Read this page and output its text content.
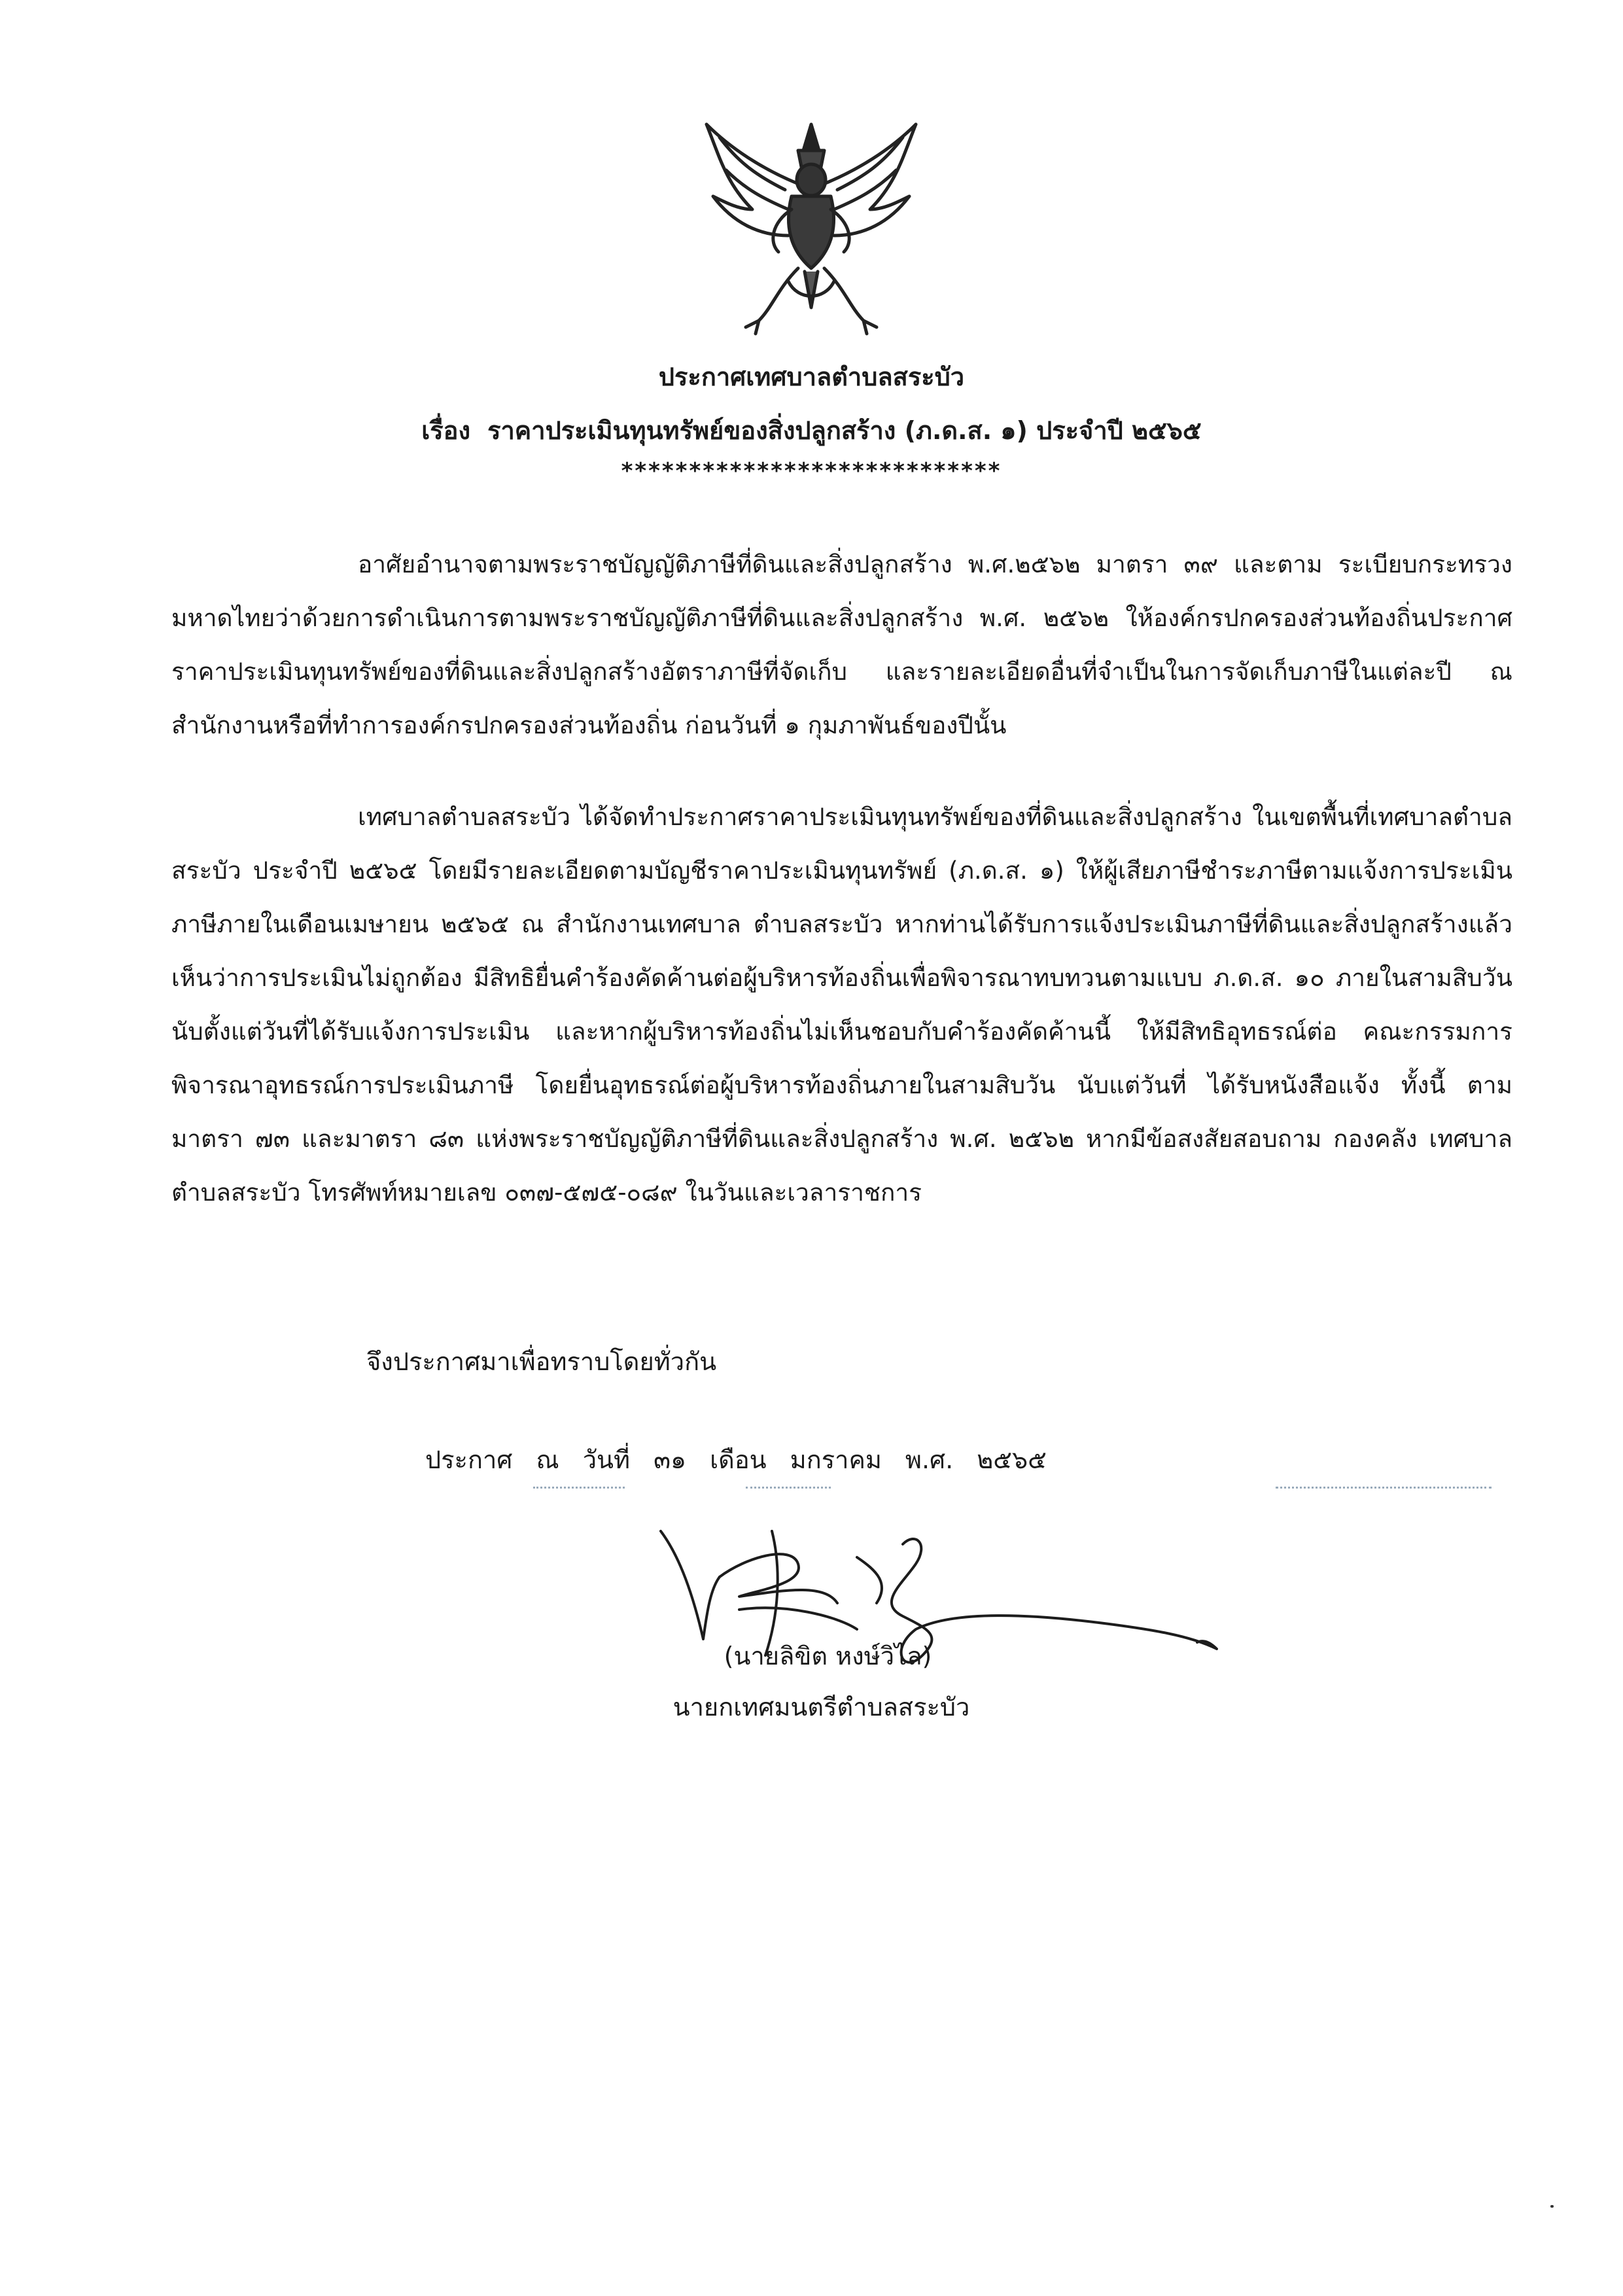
ประกาศเทศบาลตำบลสระบัว
เรื่อง ราคาประเมินทุนทรัพย์ของสิ่งปลูกสร้าง (ภ.ด.ส. ๑) ประจำปี ๒๕๖๕
****************************

อาศัยอำนาจตามพระราชบัญญัติภาษีที่ดินและสิ่งปลูกสร้าง พ.ศ.๒๕๖๒ มาตรา ๓๙ และตาม ระเบียบกระทรวงมหาดไทยว่าด้วยการดำเนินการตามพระราชบัญญัติภาษีที่ดินและสิ่งปลูกสร้าง พ.ศ. ๒๕๖๒ ให้องค์กรปกครองส่วนท้องถิ่นประกาศราคาประเมินทุนทรัพย์ของที่ดินและสิ่งปลูกสร้างอัตราภาษีที่จัดเก็บ และรายละเอียดอื่นที่จำเป็นในการจัดเก็บภาษีในแต่ละปี ณ สำนักงานหรือที่ทำการองค์กรปกครองส่วนท้องถิ่น ก่อนวันที่ ๑ กุมภาพันธ์ของปีนั้น

เทศบาลตำบลสระบัว ได้จัดทำประกาศราคาประเมินทุนทรัพย์ของที่ดินและสิ่งปลูกสร้าง ในเขตพื้นที่เทศบาลตำบลสระบัว ประจำปี ๒๕๖๕ โดยมีรายละเอียดตามบัญชีราคาประเมินทุนทรัพย์ (ภ.ด.ส. ๑) ให้ผู้เสียภาษีชำระภาษีตามแจ้งการประเมินภาษีภายในเดือนเมษายน ๒๕๖๕ ณ สำนักงานเทศบาล ตำบลสระบัว หากท่านได้รับการแจ้งประเมินภาษีที่ดินและสิ่งปลูกสร้างแล้ว เห็นว่าการประเมินไม่ถูกต้อง มีสิทธิยื่นคำร้องคัดค้านต่อผู้บริหารท้องถิ่นเพื่อพิจารณาทบทวนตามแบบ ภ.ด.ส. ๑๐ ภายในสามสิบวัน นับตั้งแต่วันที่ได้รับแจ้งการประเมิน และหากผู้บริหารท้องถิ่นไม่เห็นชอบกับคำร้องคัดค้านนี้ ให้มีสิทธิอุทธรณ์ต่อ คณะกรรมการพิจารณาอุทธรณ์การประเมินภาษี โดยยื่นอุทธรณ์ต่อผู้บริหารท้องถิ่นภายในสามสิบวัน นับแต่วันที่ ได้รับหนังสือแจ้ง ทั้งนี้ ตามมาตรา ๗๓ และมาตรา ๘๓ แห่งพระราชบัญญัติภาษีที่ดินและสิ่งปลูกสร้าง พ.ศ. ๒๕๖๒ หากมีข้อสงสัยสอบถาม กองคลัง เทศบาลตำบลสระบัว โทรศัพท์หมายเลข ๐๓๗-๕๗๕-๐๘๙ ในวันและเวลาราชการ

จึงประกาศมาเพื่อทราบโดยทั่วกัน
ประกาศ ณ วันที่ ๓๑ เดือน มกราคม พ.ศ. ๒๕๖๕
(นายลิขิต หงษ์วิไล)
นายกเทศมนตรีตำบลสระบัว
